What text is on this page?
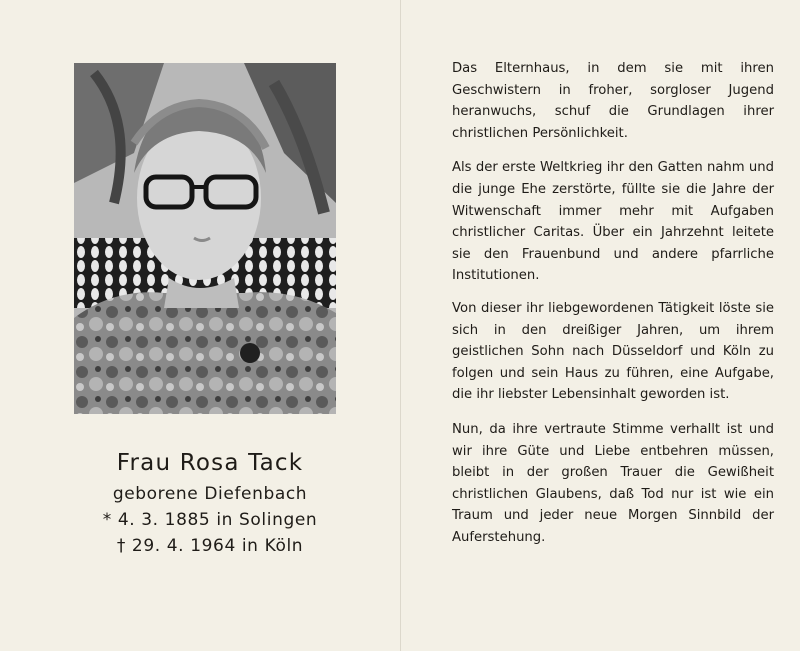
Frau Rosa Tack
geborene Diefenbach
* 4. 3. 1885 in Solingen
† 29. 4. 1964 in Köln

Das Elternhaus, in dem sie mit ihren Geschwistern in froher, sorgloser Jugend heranwuchs, schuf die Grundlagen ihrer christlichen Persönlichkeit.

Als der erste Weltkrieg ihr den Gatten nahm und die junge Ehe zerstörte, füllte sie die Jahre der Witwenschaft immer mehr mit Aufgaben christlicher Caritas. Über ein Jahrzehnt leitete sie den Frauenbund und andere pfarrliche Institutionen.

Von dieser ihr liebgewordenen Tätigkeit löste sie sich in den dreißiger Jahren, um ihrem geistlichen Sohn nach Düsseldorf und Köln zu folgen und sein Haus zu führen, eine Aufgabe, die ihr liebster Lebensinhalt geworden ist.

Nun, da ihre vertraute Stimme verhallt ist und wir ihre Güte und Liebe entbehren müssen, bleibt in der großen Trauer die Gewißheit christlichen Glaubens, daß Tod nur ist wie ein Traum und jeder neue Morgen Sinnbild der Auferstehung.
